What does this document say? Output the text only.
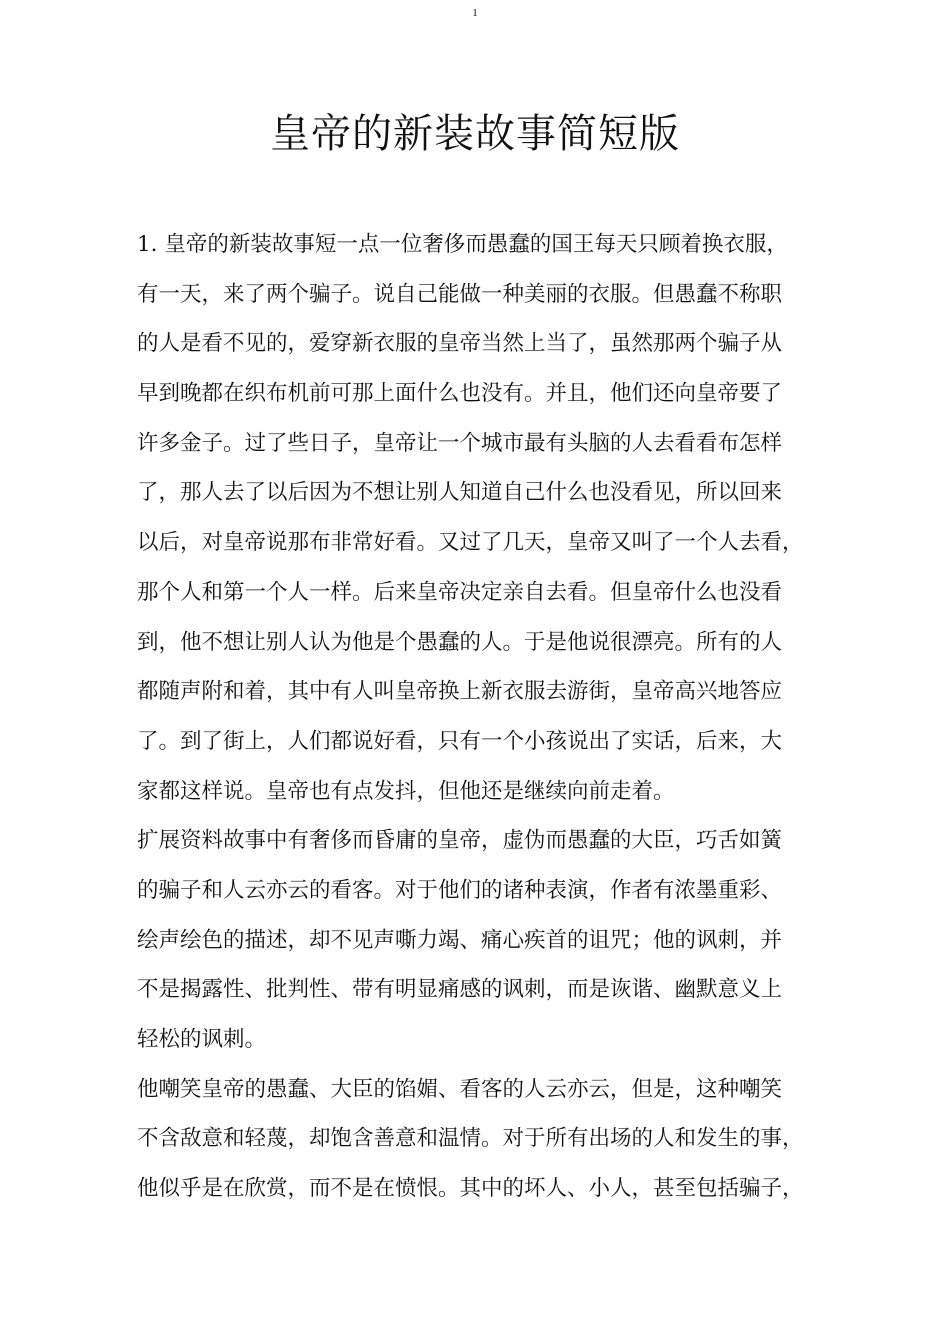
1
皇帝的新装故事简短版
1. 皇帝的新装故事短一点一位奢侈而愚蠢的国王每天只顾着换衣服，
有一天，来了两个骗子。说自己能做一种美丽的衣服。但愚蠢不称职
的人是看不见的，爱穿新衣服的皇帝当然上当了，虽然那两个骗子从
早到晚都在织布机前可那上面什么也没有。并且，他们还向皇帝要了
许多金子。过了些日子，皇帝让一个城市最有头脑的人去看看布怎样
了，那人去了以后因为不想让别人知道自己什么也没看见，所以回来
以后，对皇帝说那布非常好看。又过了几天，皇帝又叫了一个人去看，
那个人和第一个人一样。后来皇帝决定亲自去看。但皇帝什么也没看
到，他不想让别人认为他是个愚蠢的人。于是他说很漂亮。所有的人
都随声附和着，其中有人叫皇帝换上新衣服去游街，皇帝高兴地答应
了。到了街上，人们都说好看，只有一个小孩说出了实话，后来，大
家都这样说。皇帝也有点发抖，但他还是继续向前走着。
扩展资料故事中有奢侈而昏庸的皇帝，虚伪而愚蠢的大臣，巧舌如簧
的骗子和人云亦云的看客。对于他们的诸种表演，作者有浓墨重彩、
绘声绘色的描述，却不见声嘶力竭、痛心疾首的诅咒；他的讽刺，并
不是揭露性、批判性、带有明显痛感的讽刺，而是诙谐、幽默意义上
轻松的讽刺。
他嘲笑皇帝的愚蠢、大臣的馅媚、看客的人云亦云，但是，这种嘲笑
不含敌意和轻蔑，却饱含善意和温情。对于所有出场的人和发生的事，
他似乎是在欣赏，而不是在愤恨。其中的坏人、小人，甚至包括骗子，
